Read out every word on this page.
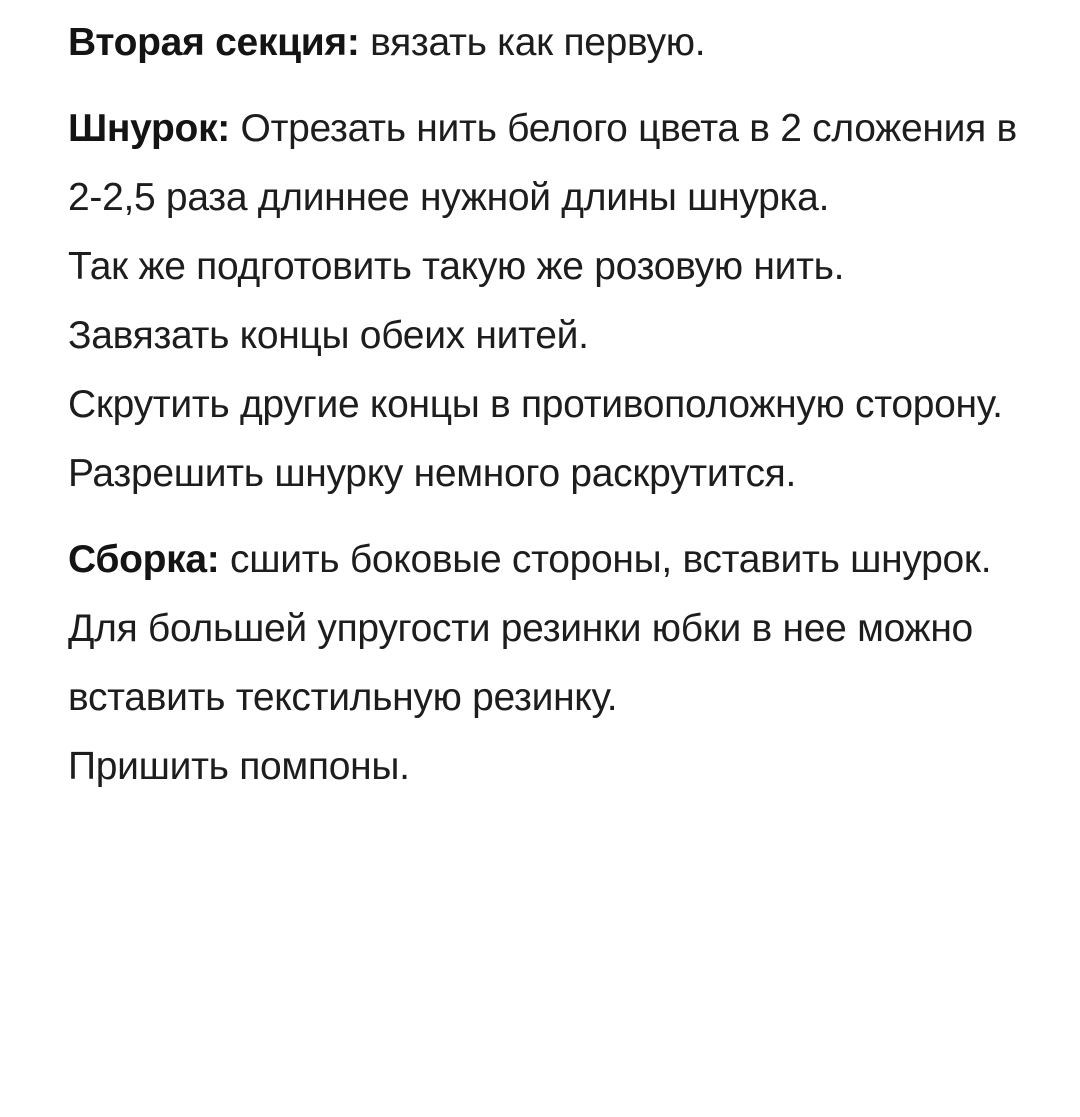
Вторая секция: вязать как первую.

Шнурок: Отрезать нить белого цвета в 2 сложения в 2-2,5 раза длиннее нужной длины шнурка.
Так же подготовить такую же розовую нить.
Завязать концы обеих нитей.
Скрутить другие концы в противоположную сторону.
Разрешить шнурку немного раскрутится.

Сборка: сшить боковые стороны, вставить шнурок.
Для большей упругости резинки юбки в нее можно вставить текстильную резинку.
Пришить помпоны.
